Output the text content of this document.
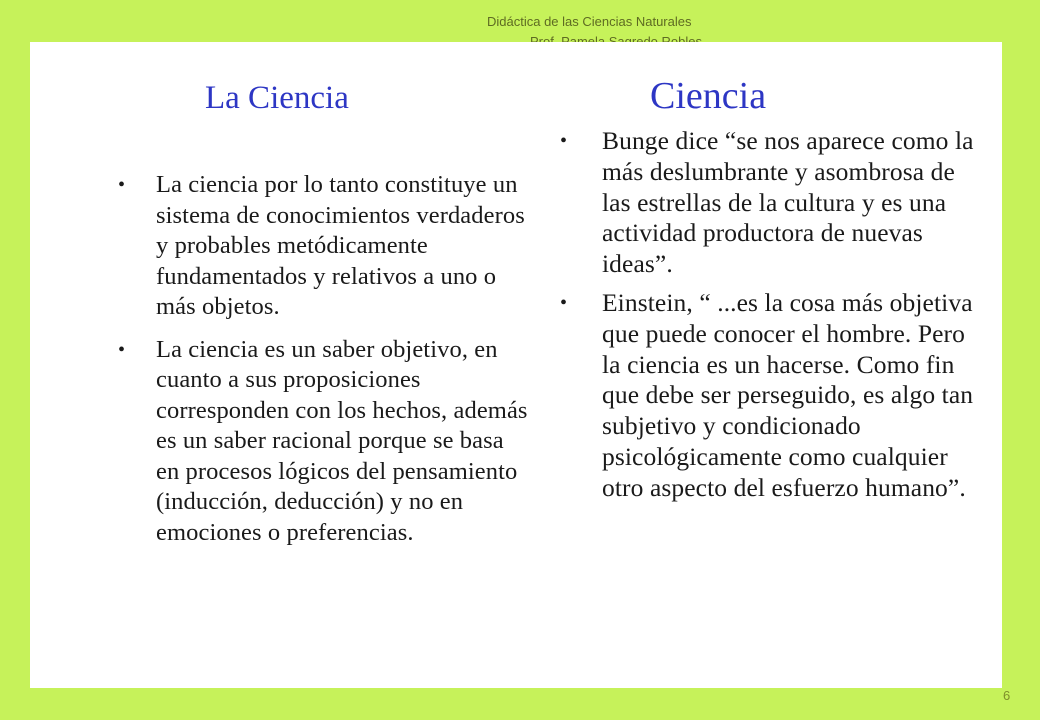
Didáctica de las Ciencias Naturales
La Ciencia
• La ciencia por lo tanto constituye un sistema de conocimientos verdaderos y probables metódicamente fundamentados y relativos a uno o más objetos.
• La ciencia es un saber objetivo, en cuanto a sus proposiciones corresponden con los hechos, además es un saber racional porque se basa en procesos lógicos del pensamiento (inducción, deducción) y no en emociones o preferencias.
Ciencia
• Bunge dice “se nos aparece como la más deslumbrante y asombrosa de las estrellas de la cultura y es una actividad productora de nuevas ideas”.
• Einstein, “ ...es la cosa más objetiva que puede conocer el hombre. Pero la ciencia es un hacerse. Como fin que debe ser perseguido, es algo tan subjetivo y condicionado psicológicamente como cualquier otro aspecto del esfuerzo humano”.
6
